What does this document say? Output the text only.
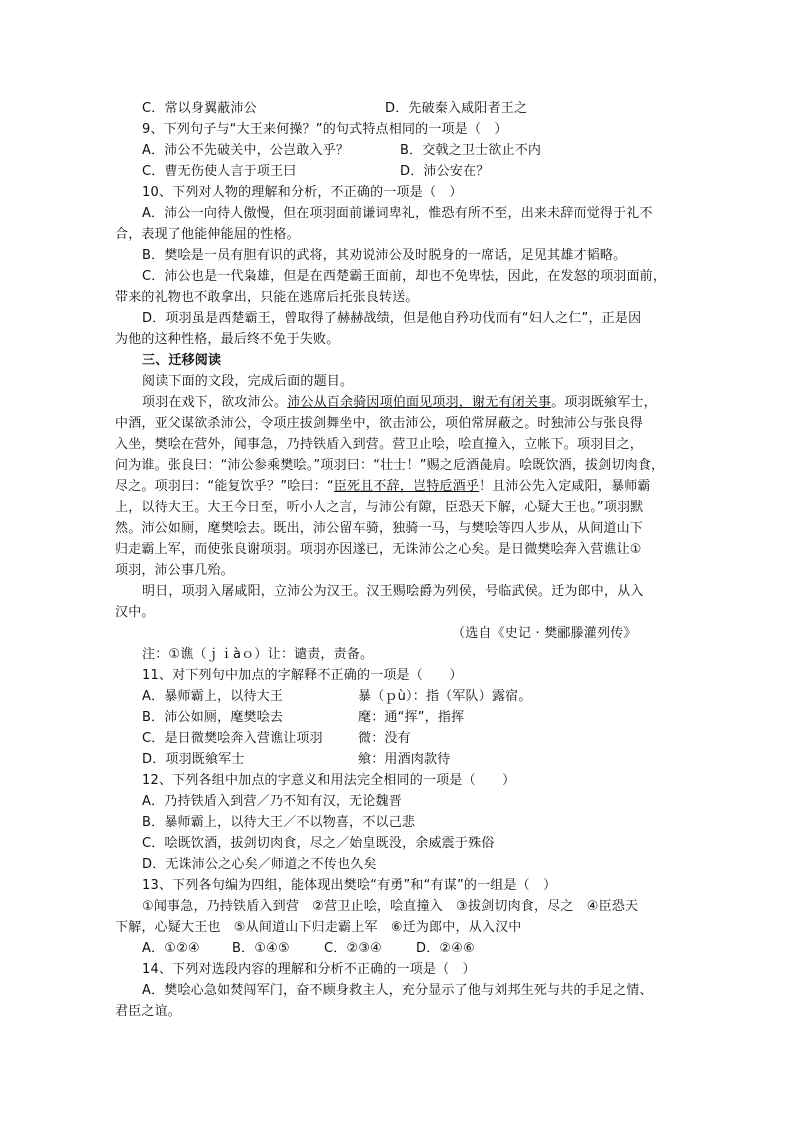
C．常以身翼蔽沛公	D．先破秦入咸阳者王之
9、下列句子与“大王来何操？”的句式特点相同的一项是（　）
A．沛公不先破关中，公岂敢入乎？	B．交戟之卫士欲止不内
C．曹无伤使人言于项王曰	D．沛公安在？
10、下列对人物的理解和分析，不正确的一项是（　）
A．沛公一向待人傲慢，但在项羽面前谦词卑礼，惟恐有所不至，出来未辞而觉得于礼不
合，表现了他能伸能屈的性格。
B．樊哙是一员有胆有识的武将，其劝说沛公及时脱身的一席话，足见其雄才韬略。
C．沛公也是一代枭雄，但是在西楚霸王面前，却也不免卑怯，因此，在发怒的项羽面前，
带来的礼物也不敢拿出，只能在逃席后托张良转送。
D．项羽虽是西楚霸王，曾取得了赫赫战绩，但是他自矜功伐而有“妇人之仁”，正是因
为他的这种性格，最后终不免于失败。
三、迁移阅读
阅读下面的文段，完成后面的题目。
项羽在戏下，欲攻沛公。沛公从百余骑因项伯面见项羽，谢无有闭关事。项羽既飨军士，
中酒，亚父谋欲杀沛公，令项庄拔剑舞坐中，欲击沛公，项伯常屏蔽之。时独沛公与张良得
入坐，樊哙在营外，闻事急，乃持铁盾入到营。营卫止哙，哙直撞入，立帐下。项羽目之，
问为谁。张良曰：“沛公参乘樊哙。”项羽曰：“壮士！”赐之卮酒彘肩。哙既饮酒，拔剑切肉食，
尽之。项羽曰：“能复饮乎？”哙曰：“臣死且不辞，岂特卮酒乎！且沛公先入定咸阳，暴师霸
上，以待大王。大王今日至，听小人之言，与沛公有隙，臣恐天下解，心疑大王也。”项羽默
然。沛公如厕，麾樊哙去。既出，沛公留车骑，独骑一马，与樊哙等四人步从，从间道山下
归走霸上军，而使张良谢项羽。项羽亦因遂已，无诛沛公之心矣。是日微樊哙奔入营谯让①
项羽，沛公事几殆。
明日，项羽入屠咸阳，立沛公为汉王。汉王赐哙爵为列侯，号临武侯。迁为郎中，从入
汉中。
（选自《史记 · 樊郦滕灌列传》
注：①谯（ｊｉàｏ）让：谴责，责备。
11、对下列句中加点的字解释不正确的一项是（　　）
A．暴师霸上，以待大王	暴（ｐù）：指（军队）露宿。
B．沛公如厕，麾樊哙去	麾：通“挥”，指挥
C．是日微樊哙奔入营谯让项羽	微：没有
D．项羽既飨军士	飨：用酒肉款待
12、下列各组中加点的字意义和用法完全相同的一项是（　　）
A．乃持铁盾入到营／乃不知有汉，无论魏晋
B．暴师霸上，以待大王／不以物喜，不以己悲
C．哙既饮酒，拔剑切肉食，尽之／始皇既没，余威震于殊俗
D．无诛沛公之心矣／师道之不传也久矣
13、下列各句编为四组，能体现出樊哙“有勇”和“有谋”的一组是（　）
①闻事急，乃持铁盾入到营　②营卫止哙，哙直撞入　③拔剑切肉食，尽之　④臣恐天
下解，心疑大王也　⑤从间道山下归走霸上军　⑥迁为郎中，从入汉中
A．①②④ B．①④⑤	C．②③④	D．②④⑥
14、下列对选段内容的理解和分析不正确的一项是（　）
A．樊哙心急如焚闯军门，奋不顾身救主人，充分显示了他与刘邦生死与共的手足之情、
君臣之谊。
